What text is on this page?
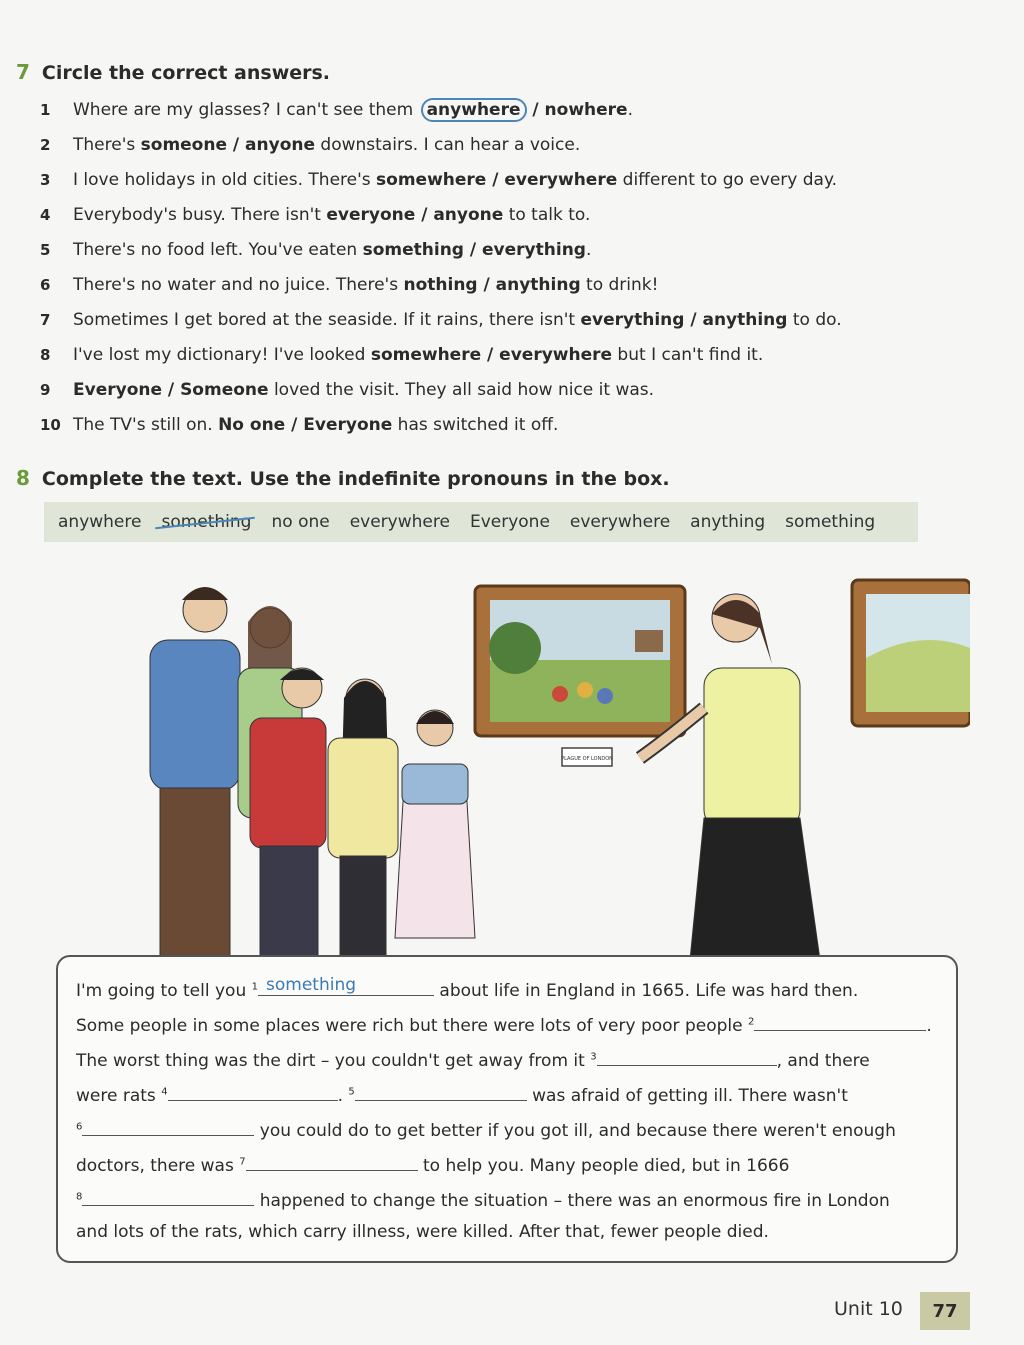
7 Circle the correct answers.
1	Where are my glasses? I can't see them anywhere / nowhere.
2	There's someone / anyone downstairs. I can hear a voice.
3	I love holidays in old cities. There's somewhere / everywhere different to go every day.
4	Everybody's busy. There isn't everyone / anyone to talk to.
5	There's no food left. You've eaten something / everything.
6	There's no water and no juice. There's nothing / anything to drink!
7	Sometimes I get bored at the seaside. If it rains, there isn't everything / anything to do.
8	I've lost my dictionary! I've looked somewhere / everywhere but I can't find it.
9	Everyone / Someone loved the visit. They all said how nice it was.
10 The TV's still on. No one / Everyone has switched it off.
8 Complete the text. Use the indefinite pronouns in the box.
anywhere something no one everywhere Everyone everywhere anything something
PLAGUE OF LONDON
I'm going to tell you $^1$ something	about life in England in 1665. Life was hard then.
Some people in some places were rich but there were lots of very poor people $^2$	.
The worst thing was the dirt – you couldn't get away from it $^3$	, and there
were rats $^4$	. $^5$	was afraid of getting ill. There wasn't
$^6$	you could do to get better if you got ill, and because there weren't enough
doctors, there was $^7$	to help you. Many people died, but in 1666
$^8$	happened to change the situation – there was an enormous fire in London
and lots of the rats, which carry illness, were killed. After that, fewer people died.
Unit 10	77
